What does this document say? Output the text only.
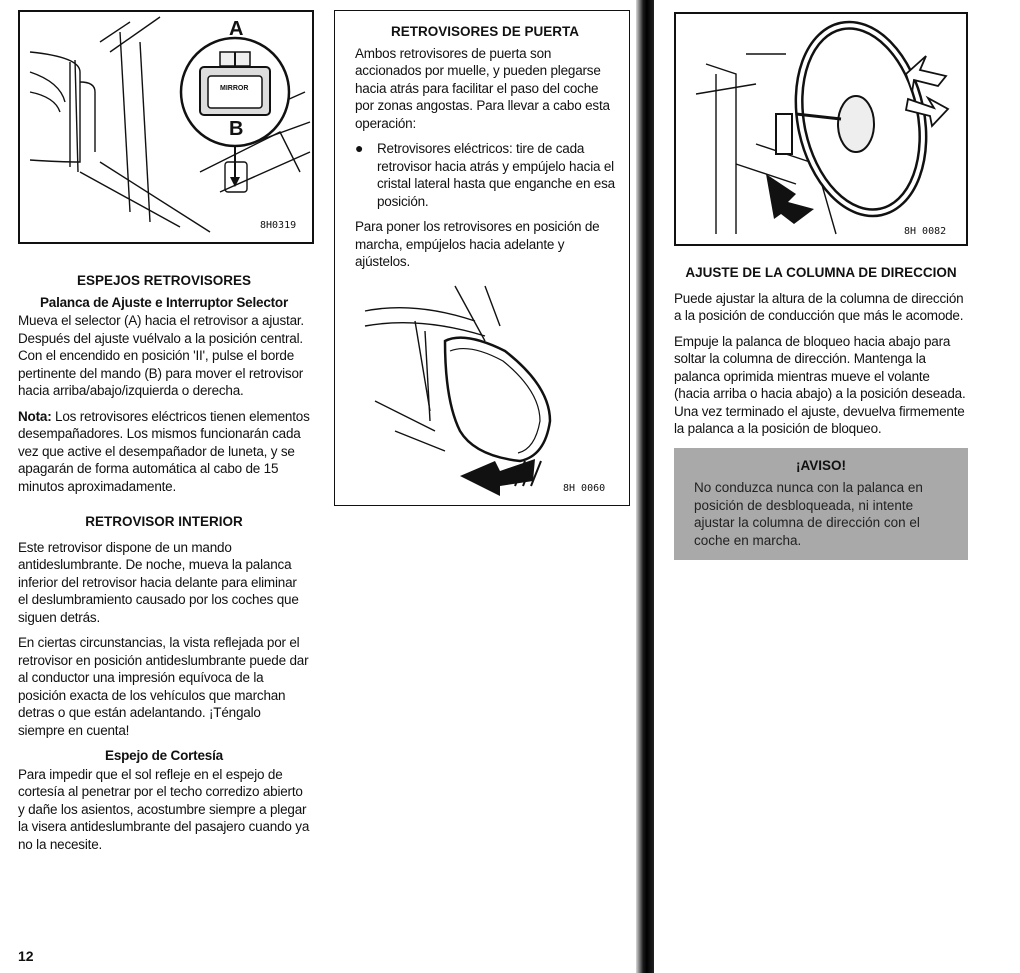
A
B
MIRROR
8H0319
ESPEJOS RETROVISORES
Palanca de Ajuste e Interruptor Selector

Mueva el selector (A) hacia el retrovisor a ajustar. Después del ajuste vuélvalo a la posición central. Con el encendido en posición 'II', pulse el borde pertinente del mando (B) para mover el retrovisor hacia arriba/abajo/izquierda o derecha.

Nota: Los retrovisores eléctricos tienen elementos desempañadores. Los mismos funcionarán cada vez que active el desempañador de luneta, y se apagarán de forma automática al cabo de 15 minutos aproximadamente.

RETROVISOR INTERIOR

Este retrovisor dispone de un mando antideslumbrante. De noche, mueva la palanca inferior del retrovisor hacia delante para eliminar el deslumbramiento causado por los coches que siguen detrás.

En ciertas circunstancias, la vista reflejada por el retrovisor en posición antideslumbrante puede dar al conductor una impresión equívoca de la posición exacta de los vehículos que marchan detras o que están adelantando. ¡Téngalo siempre en cuenta!

Espejo de Cortesía

Para impedir que el sol refleje en el espejo de cortesía al penetrar por el techo corredizo abierto y dañe los asientos, acostumbre siempre a plegar la visera antideslumbrante del pasajero cuando ya no la necesite.

RETROVISORES DE PUERTA

Ambos retrovisores de puerta son accionados por muelle, y pueden plegarse hacia atrás para facilitar el paso del coche por zonas angostas. Para llevar a cabo esta operación:

●	Retrovisores eléctricos: tire de cada retrovisor hacia atrás y empújelo hacia el cristal lateral hasta que enganche en esa posición.

Para poner los retrovisores en posición de marcha, empújelos hacia adelante y ajústelos.

8H 0060
8H 0082
AJUSTE DE LA COLUMNA DE DIRECCION

Puede ajustar la altura de la columna de dirección a la posición de conducción que más le acomode.

Empuje la palanca de bloqueo hacia abajo para soltar la columna de dirección. Mantenga la palanca oprimida mientras mueve el volante (hacia arriba o hacia abajo) a la posición deseada. Una vez terminado el ajuste, devuelva firmemente la palanca a la posición de bloqueo.

¡AVISO!
No conduzca nunca con la palanca en posición de desbloqueada, ni intente ajustar la columna de dirección con el coche en marcha.
12
